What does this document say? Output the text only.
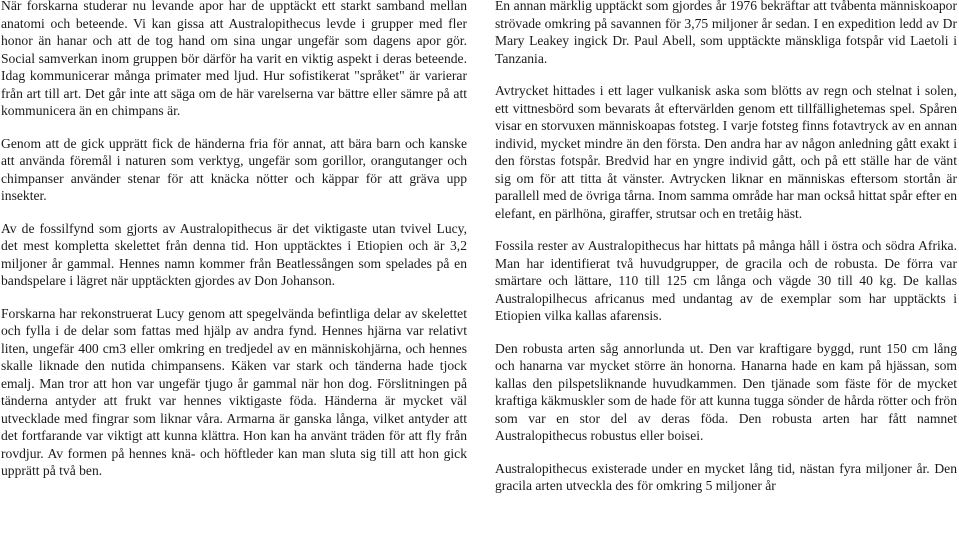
När forskarna studerar nu levande apor har de upptäckt ett starkt samband mellan anatomi och beteende. Vi kan gissa att Australopithecus levde i grupper med fler honor än hanar och att de tog hand om sina ungar ungefär som dagens apor gör. Social samverkan inom gruppen bör därför ha varit en viktig aspekt i deras beteende. Idag kommunicerar många primater med ljud. Hur sofistikerat "språket" är varierar från art till art. Det går inte att säga om de här varelserna var bättre eller sämre på att kommunicera än en chimpans är.

Genom att de gick upprätt fick de händerna fria för annat, att bära barn och kanske att använda föremål i naturen som verktyg, ungefär som gorillor, orangutanger och chimpanser använder stenar för att knäcka nötter och käppar för att gräva upp insekter.

Av de fossilfynd som gjorts av Australopithecus är det viktigaste utan tvivel Lucy, det mest kompletta skelettet från denna tid. Hon upptäcktes i Etiopien och är 3,2 miljoner år gammal. Hennes namn kommer från Beatlessången som spelades på en bandspelare i lägret när upptäckten gjordes av Don Johanson.

Forskarna har rekonstruerat Lucy genom att spegelvända befintliga delar av skelettet och fylla i de delar som fattas med hjälp av andra fynd. Hennes hjärna var relativt liten, ungefär 400 cm3 eller omkring en tredjedel av en människohjärna, och hennes skalle liknade den nutida chimpansens. Käken var stark och tänderna hade tjock emalj. Man tror att hon var ungefär tjugo år gammal när hon dog. Förslitningen på tänderna antyder att frukt var hennes viktigaste föda. Händerna är mycket väl utvecklade med fingrar som liknar våra. Armarna är ganska långa, vilket antyder att det fortfarande var viktigt att kunna klättra. Hon kan ha använt träden för att fly från rovdjur. Av formen på hennes knä- och höftleder kan man sluta sig till att hon gick upprätt på två ben.

En annan märklig upptäckt som gjordes år 1976 bekräftar att tvåbenta människoapor strövade omkring på savannen för 3,75 miljoner år sedan. I en expedition ledd av Dr Mary Leakey ingick Dr. Paul Abell, som upptäckte mänskliga fotspår vid Laetoli i Tanzania.

Avtrycket hittades i ett lager vulkanisk aska som blötts av regn och stelnat i solen, ett vittnesbörd som bevarats åt eftervärlden genom ett tillfällighetemas spel. Spåren visar en storvuxen människoapas fotsteg. I varje fotsteg finns fotavtryck av en annan individ, mycket mindre än den första. Den andra har av någon anledning gått exakt i den förstas fotspår. Bredvid har en yngre individ gått, och på ett ställe har de vänt sig om för att titta åt vänster. Avtrycken liknar en människas eftersom stortån är parallell med de övriga tårna. Inom samma område har man också hittat spår efter en elefant, en pärlhöna, giraffer, strutsar och en tretåig häst.

Fossila rester av Australopithecus har hittats på många håll i östra och södra Afrika. Man har identifierat två huvudgrupper, de gracila och de robusta. De förra var smärtare och lättare, 110 till 125 cm långa och vägde 30 till 40 kg. De kallas Australopilhecus africanus med undantag av de exemplar som har upptäckts i Etiopien vilka kallas afarensis.

Den robusta arten såg annorlunda ut. Den var kraftigare byggd, runt 150 cm lång och hanarna var mycket större än honorna. Hanarna hade en kam på hjässan, som kallas den pilspetsliknande huvudkammen. Den tjänade som fäste för de mycket kraftiga käkmuskler som de hade för att kunna tugga sönder de hårda rötter och frön som var en stor del av deras föda. Den robusta arten har fått namnet Australopithecus robustus eller boisei.

Australopithecus existerade under en mycket lång tid, nästan fyra miljoner år. Den gracila arten utveckla des för omkring 5 miljoner år
